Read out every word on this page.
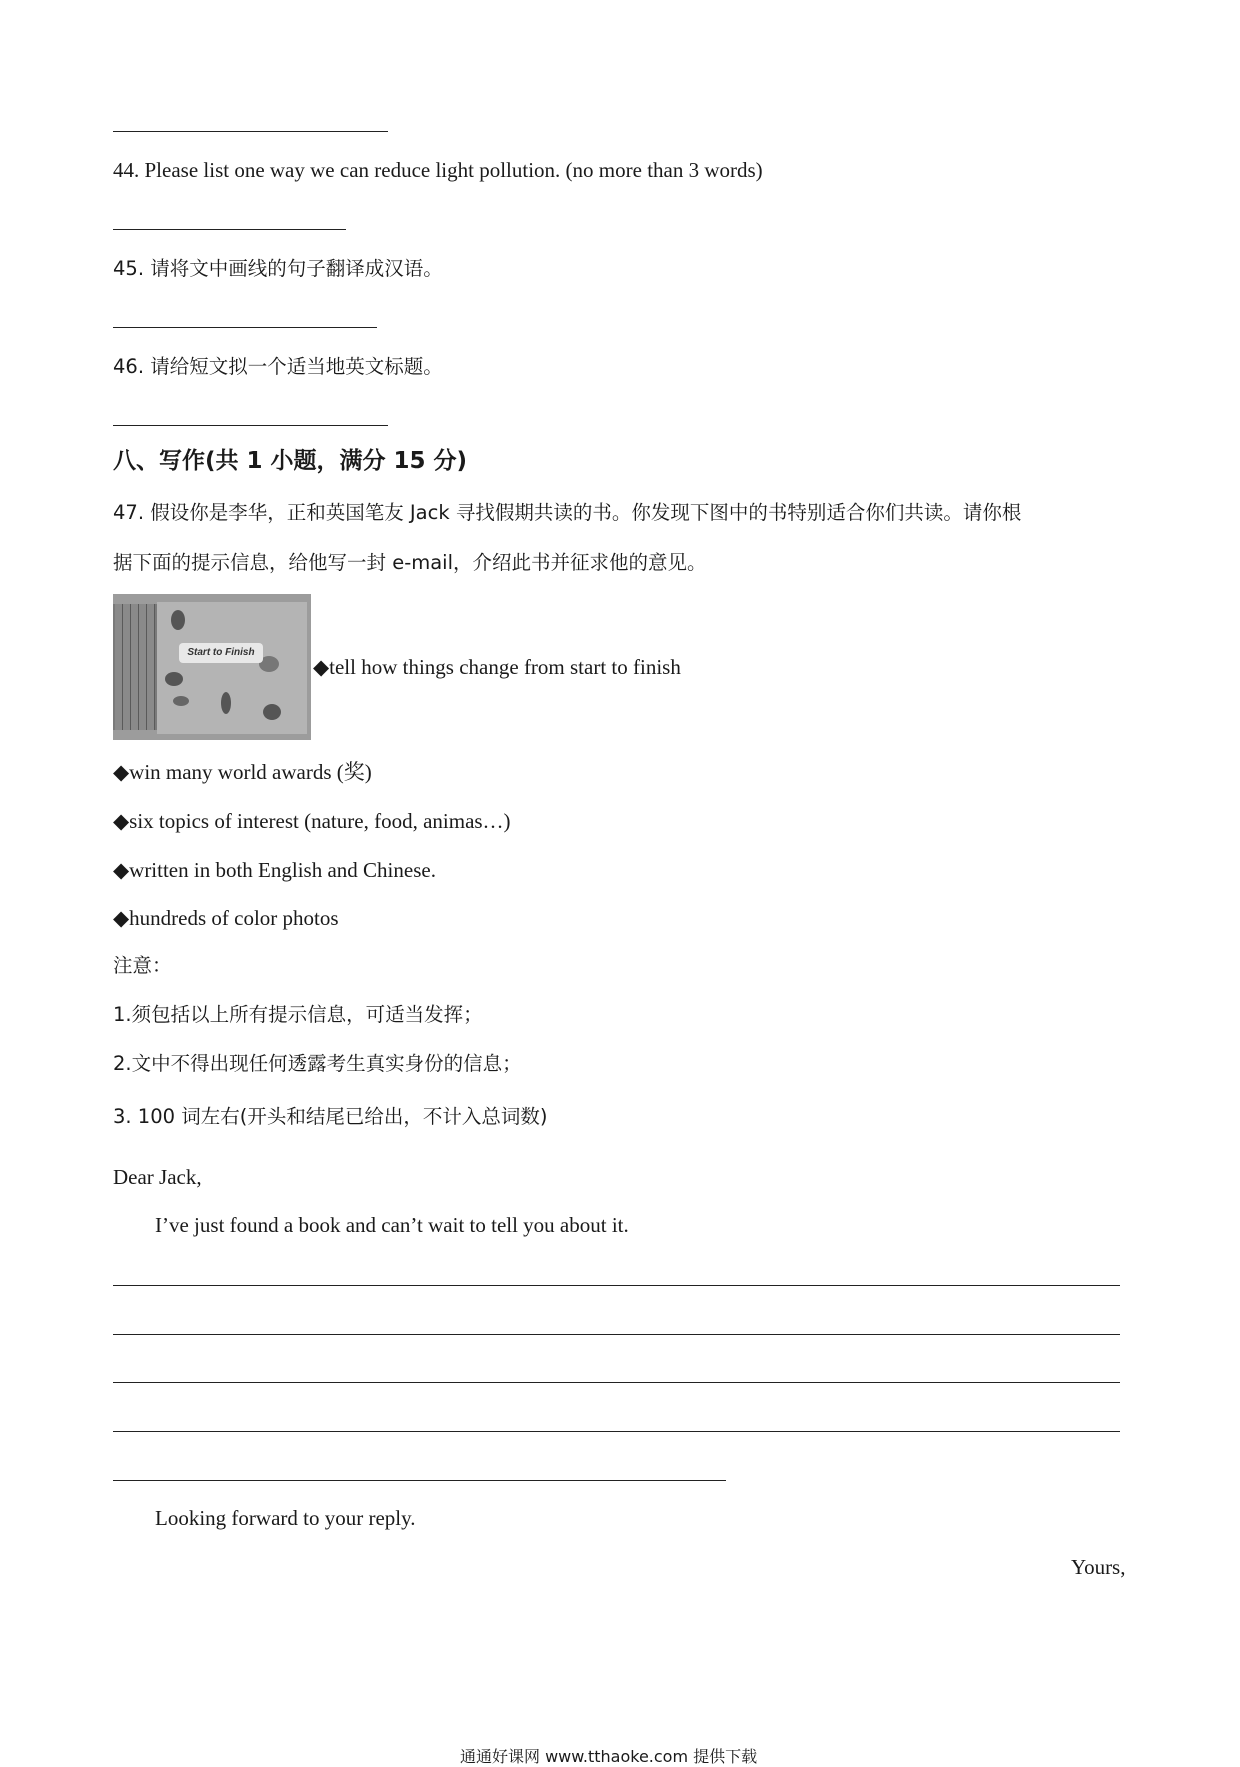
44. Please list one way we can reduce light pollution. (no more than 3 words)
45. 请将文中画线的句子翻译成汉语。
46. 请给短文拟一个适当地英文标题。
八、写作(共 1 小题，满分 15 分)
47. 假设你是李华，正和英国笔友 Jack 寻找假期共读的书。你发现下图中的书特别适合你们共读。请你根
据下面的提示信息，给他写一封 e-mail，介绍此书并征求他的意见。
Start to Finish
◆tell how things change from start to finish
◆win many world awards (奖)
◆six topics of interest (nature, food, animas…)
◆written in both English and Chinese.
◆hundreds of color photos
注意：
1.须包括以上所有提示信息，可适当发挥；
2.文中不得出现任何透露考生真实身份的信息；
3. 100 词左右(开头和结尾已给出，不计入总词数)
Dear Jack,
I’ve just found a book and can’t wait to tell you about it.
Looking forward to your reply.
Yours,
通通好课网 www.tthaoke.com 提供下载
